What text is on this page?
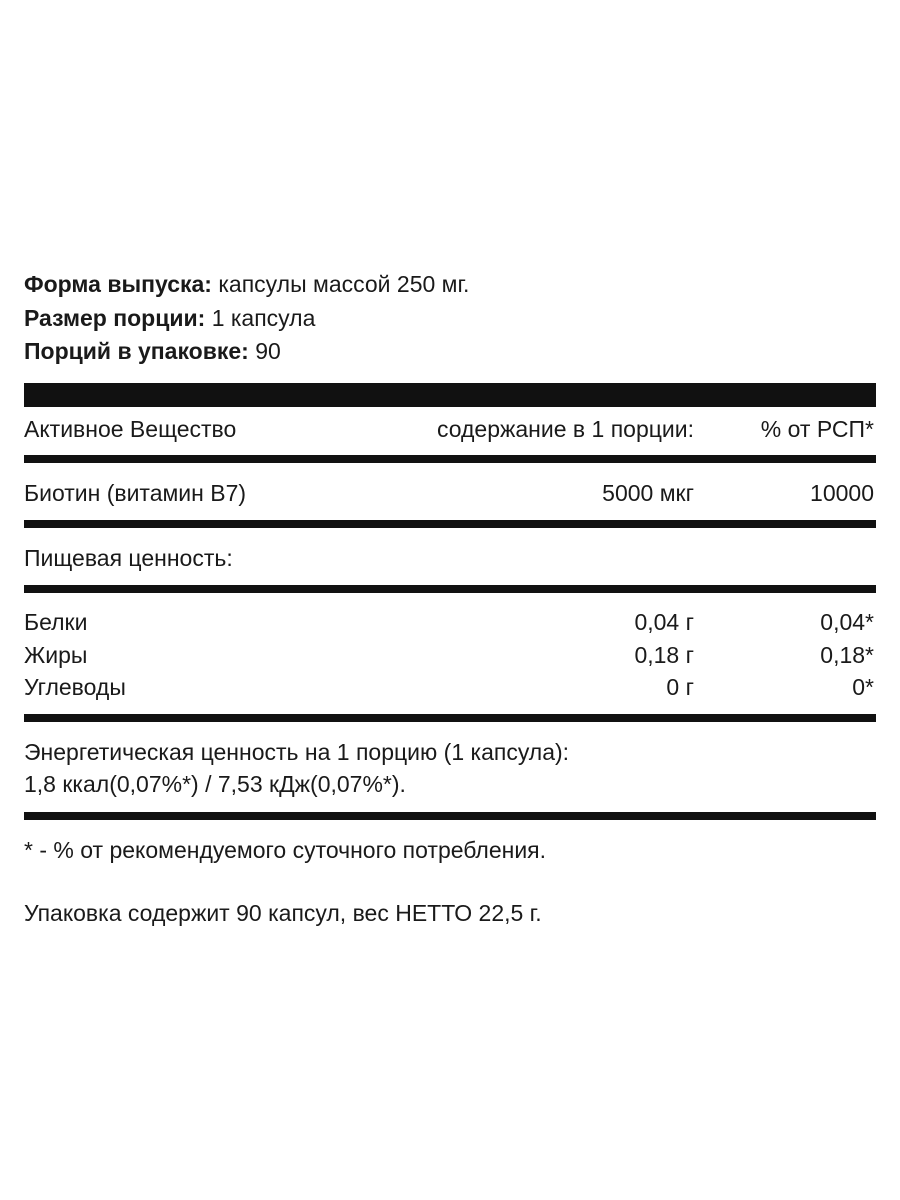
Форма выпуска: капсулы массой 250 мг.
Размер порции: 1 капсула
Порций в упаковке: 90
Активное Вещество	содержание в 1 порции:	% от РСП*
Биотин (витамин B7)	5000 мкг	10000
Пищевая ценность:
Белки	0,04 г	0,04*
Жиры	0,18 г	0,18*
Углеводы	0 г	0*
Энергетическая ценность на 1 порцию (1 капсула):
1,8 ккал(0,07%*) / 7,53 кДж(0,07%*).
* - % от рекомендуемого суточного потребления.
Упаковка содержит 90 капсул, вес НЕТТО 22,5 г.
